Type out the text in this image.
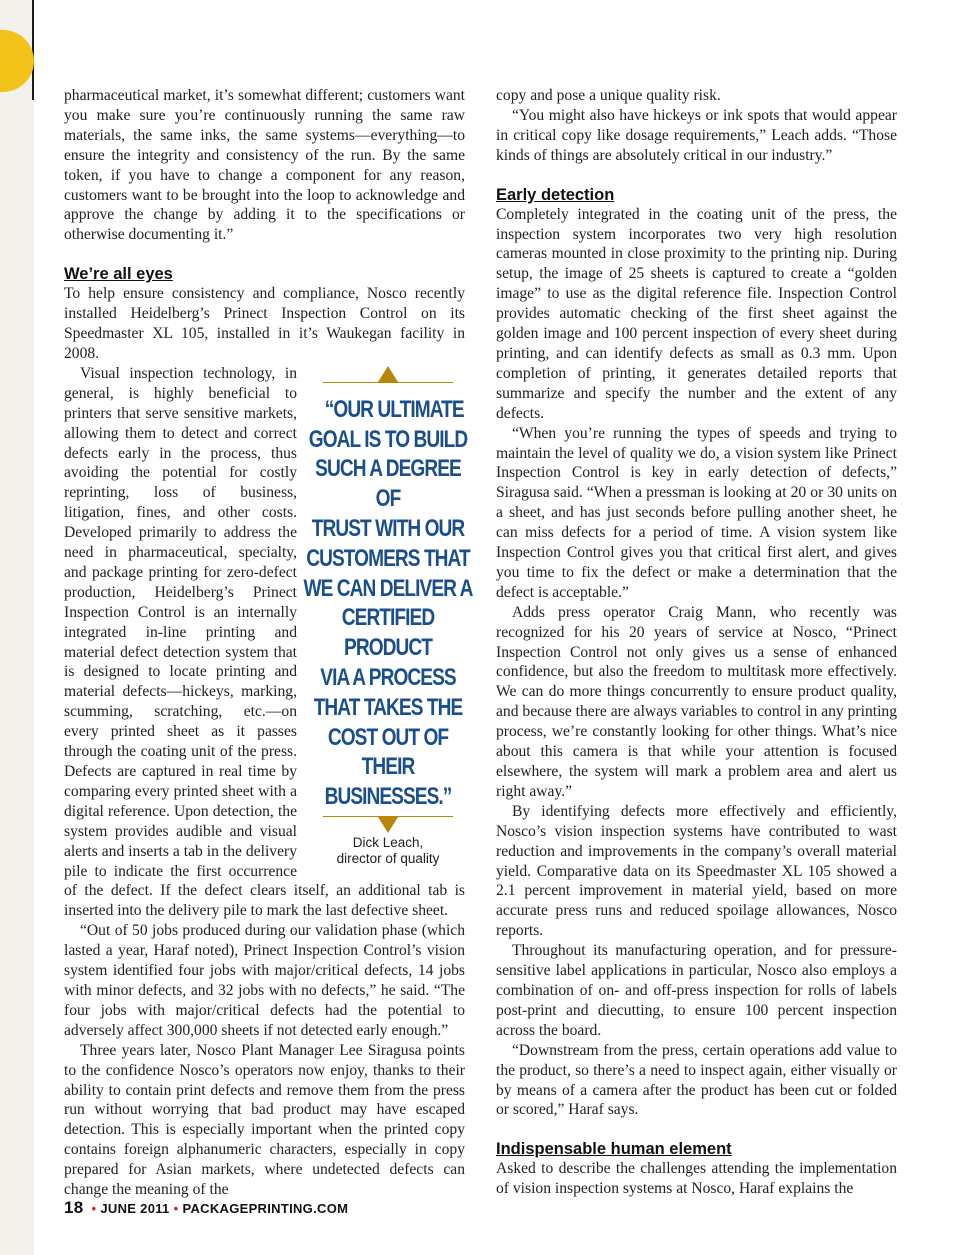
pharmaceutical market, it’s somewhat different; customers want you make sure you’re continuously running the same raw materials, the same inks, the same systems—everything—to ensure the integrity and consistency of the run. By the same token, if you have to change a component for any reason, customers want to be brought into the loop to acknowledge and approve the change by adding it to the specifications or otherwise documenting it.”

We’re all eyes

To help ensure consistency and compliance, Nosco recently installed Heidelberg’s Prinect Inspection Control on its Speedmaster XL 105, installed in it’s Waukegan facility in 2008.

“OUR ULTIMATE
GOAL IS TO BUILD
SUCH A DEGREE OF
TRUST WITH OUR
CUSTOMERS THAT
WE CAN DELIVER A
CERTIFIED PRODUCT
VIA A PROCESS
THAT TAKES THE
COST OUT OF THEIR
BUSINESSES.”
Dick Leach,
director of quality
Visual inspection technology, in general, is highly beneficial to printers that serve sensitive markets, allowing them to detect and correct defects early in the process, thus avoiding the potential for costly reprinting, loss of business, litigation, fines, and other costs. Developed primarily to address the need in pharmaceutical, specialty, and package printing for zero-defect production, Heidelberg’s Prinect Inspection Control is an internally integrated in-line printing and material defect detection system that is designed to locate printing and material defects—hickeys, marking, scumming, scratching, etc.—on every printed sheet as it passes through the coating unit of the press. Defects are captured in real time by comparing every printed sheet with a digital reference. Upon detection, the system provides audible and visual alerts and inserts a tab in the delivery pile to indicate the first occurrence of the defect. If the defect clears itself, an additional tab is inserted into the delivery pile to mark the last defective sheet.

“Out of 50 jobs produced during our validation phase (which lasted a year, Haraf noted), Prinect Inspection Control’s vision system identified four jobs with major/critical defects, 14 jobs with minor defects, and 32 jobs with no defects,” he said. “The four jobs with major/critical defects had the potential to adversely affect 300,000 sheets if not detected early enough.”

Three years later, Nosco Plant Manager Lee Siragusa points to the confidence Nosco’s operators now enjoy, thanks to their ability to contain print defects and remove them from the press run without worrying that bad product may have escaped detection. This is especially important when the printed copy contains foreign alphanumeric characters, especially in copy prepared for Asian markets, where undetected defects can change the meaning of the

copy and pose a unique quality risk.

“You might also have hickeys or ink spots that would appear in critical copy like dosage requirements,” Leach adds. “Those kinds of things are absolutely critical in our industry.”

Early detection

Completely integrated in the coating unit of the press, the inspection system incorporates two very high resolution cameras mounted in close proximity to the printing nip. During setup, the image of 25 sheets is captured to create a “golden image” to use as the digital reference file. Inspection Control provides automatic checking of the first sheet against the golden image and 100 percent inspection of every sheet during printing, and can identify defects as small as 0.3 mm. Upon completion of printing, it generates detailed reports that summarize and specify the number and the extent of any defects.

“When you’re running the types of speeds and trying to maintain the level of quality we do, a vision system like Prinect Inspection Control is key in early detection of defects,” Siragusa said. “When a pressman is looking at 20 or 30 units on a sheet, and has just seconds before pulling another sheet, he can miss defects for a period of time. A vision system like Inspection Control gives you that critical first alert, and gives you time to fix the defect or make a determination that the defect is acceptable.”

Adds press operator Craig Mann, who recently was recognized for his 20 years of service at Nosco, “Prinect Inspection Control not only gives us a sense of enhanced confidence, but also the freedom to multitask more effectively. We can do more things concurrently to ensure product quality, and because there are always variables to control in any printing process, we’re constantly looking for other things. What’s nice about this camera is that while your attention is focused elsewhere, the system will mark a problem area and alert us right away.”

By identifying defects more effectively and efficiently, Nosco’s vision inspection systems have contributed to wast reduction and improvements in the company’s overall material yield. Comparative data on its Speedmaster XL 105 showed a 2.1 percent improvement in material yield, based on more accurate press runs and reduced spoilage allowances, Nosco reports.

Throughout its manufacturing operation, and for pressure-sensitive label applications in particular, Nosco also employs a combination of on- and off-press inspection for rolls of labels post-print and diecutting, to ensure 100 percent inspection across the board.

“Downstream from the press, certain operations add value to the product, so there’s a need to inspect again, either visually or by means of a camera after the product has been cut or folded or scored,” Haraf says.

Indispensable human element

Asked to describe the challenges attending the implementation of vision inspection systems at Nosco, Haraf explains the

18 • JUNE 2011 • PACKAGEPRINTING.COM
